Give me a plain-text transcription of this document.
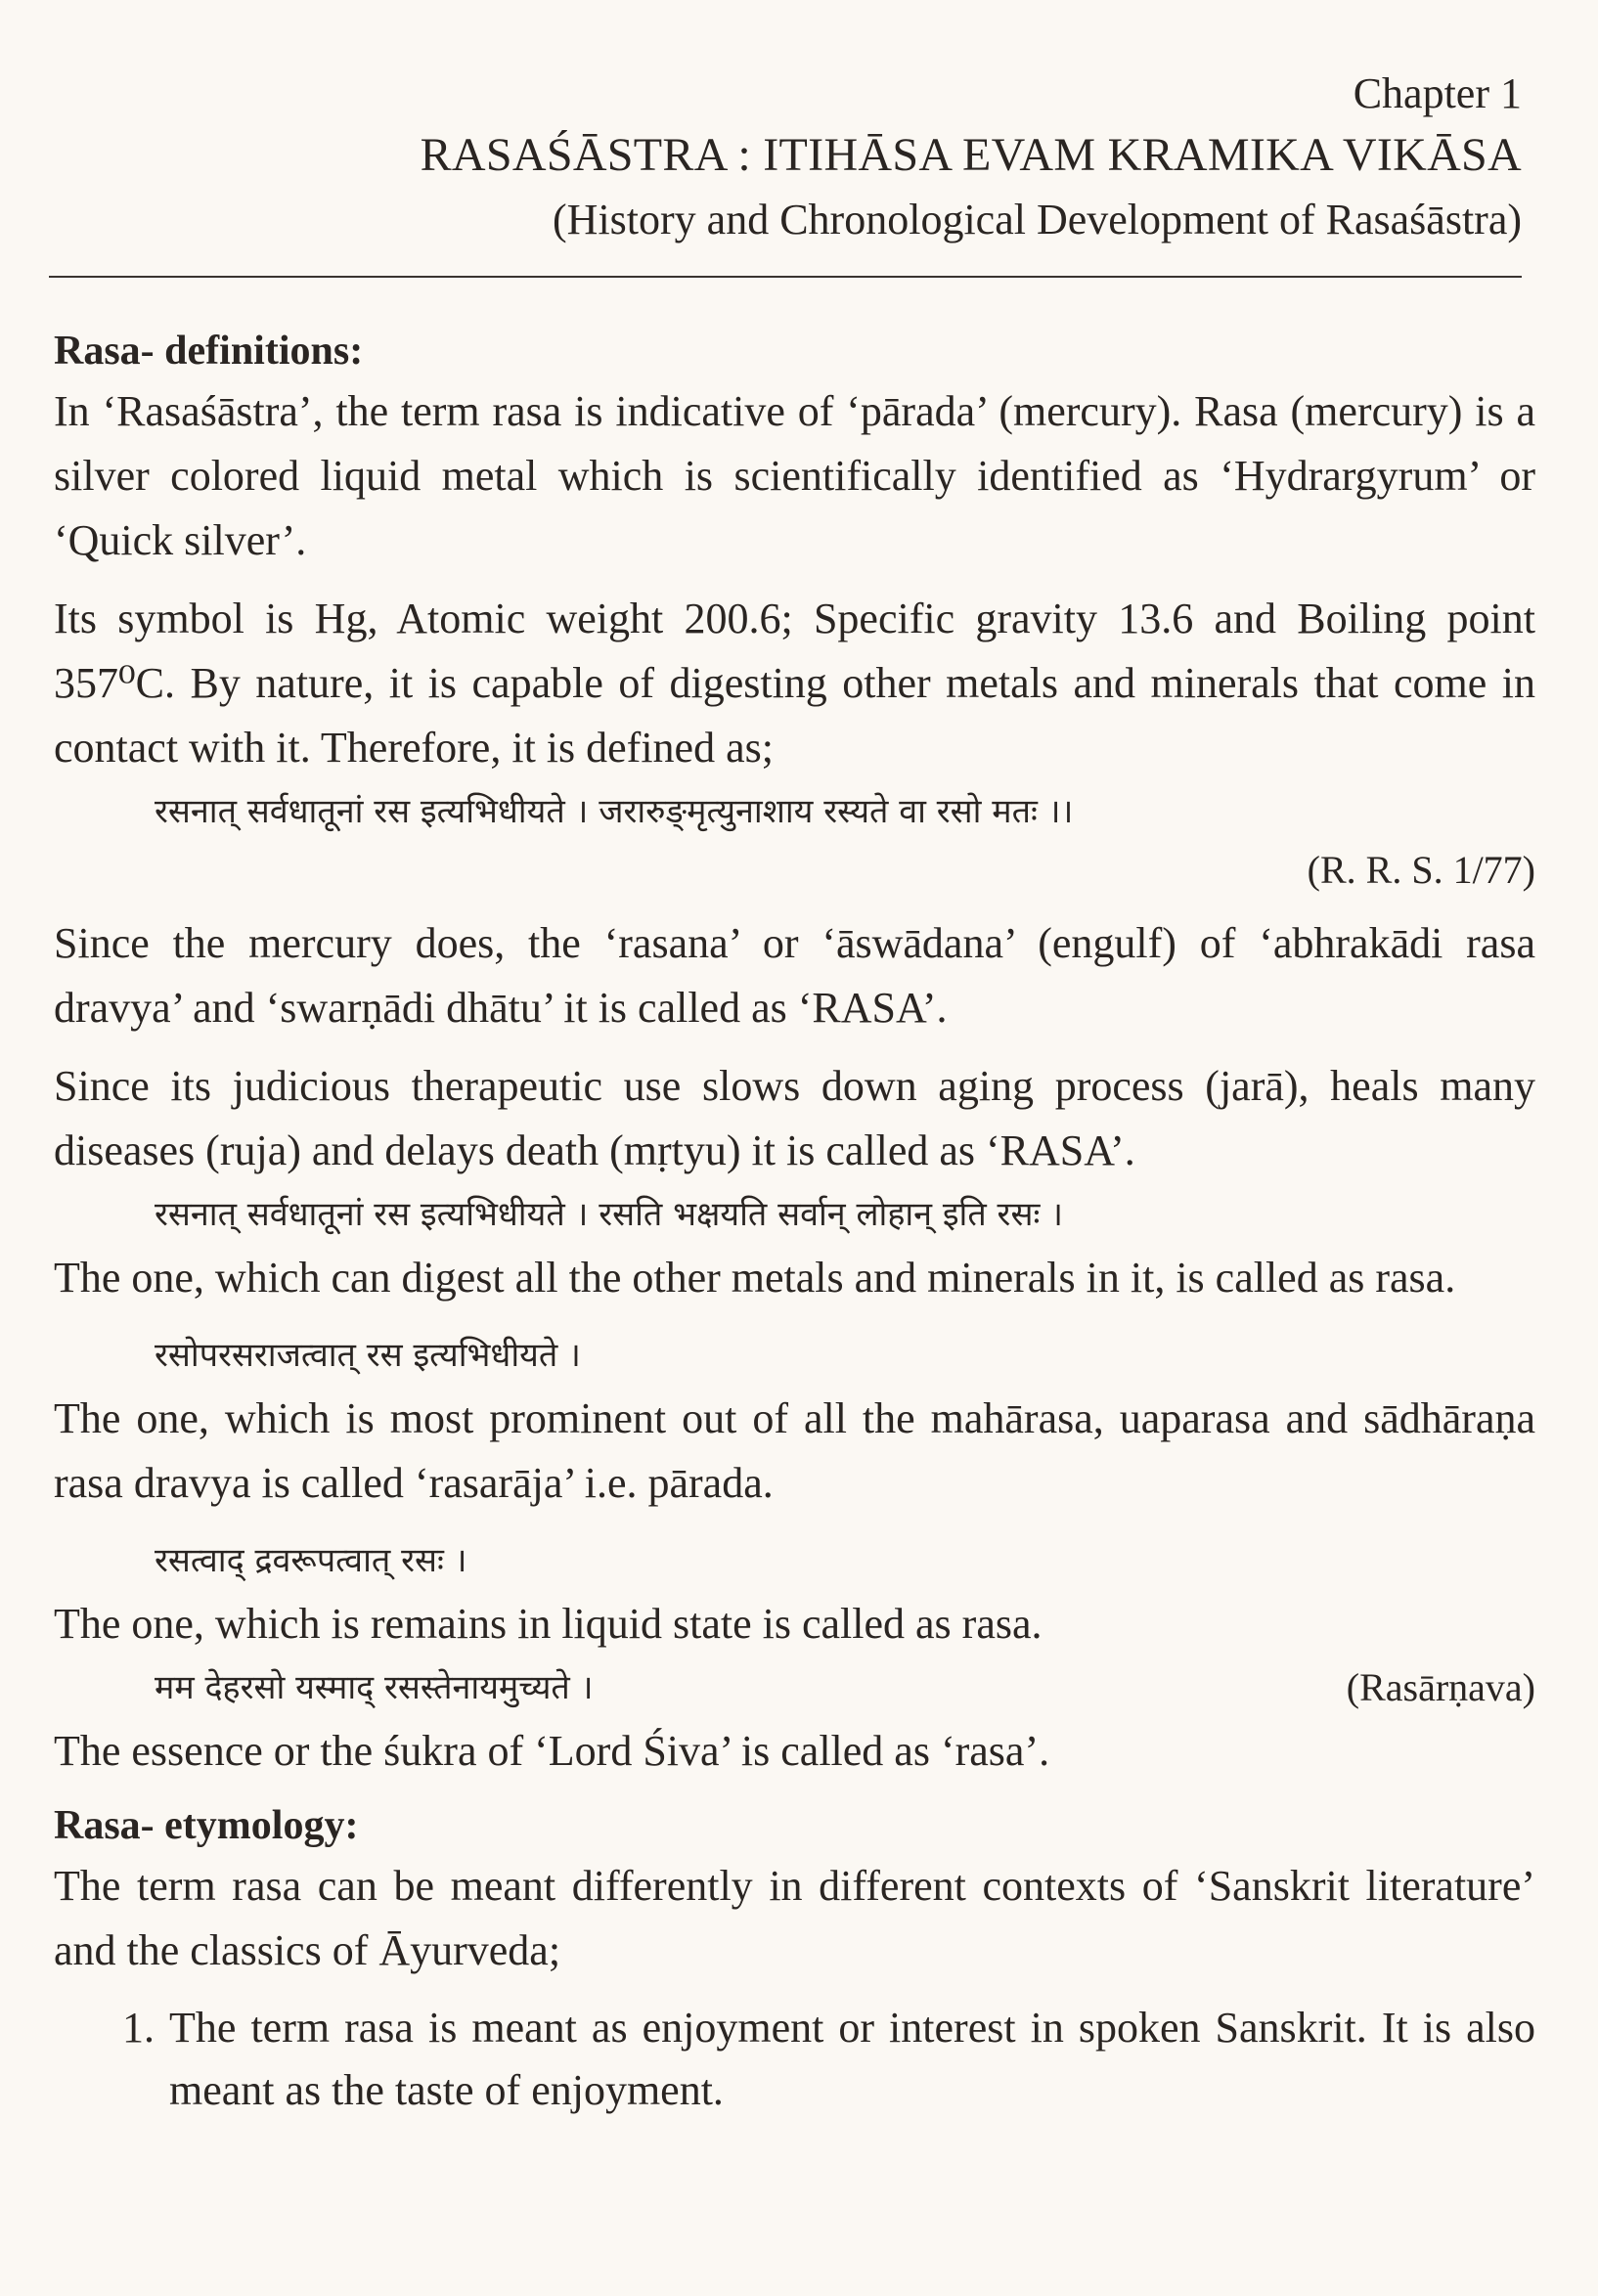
Chapter 1
RASAŚĀSTRA : ITIHĀSA EVAM KRAMIKA VIKĀSA
(History and Chronological Development of Rasaśāstra)
Rasa- definitions:

In ‘Rasaśāstra’, the term rasa is indicative of ‘pārada’ (mercury). Rasa (mercury) is a silver colored liquid metal which is scientifically identified as ‘Hydrargyrum’ or ‘Quick silver’.

Its symbol is Hg, Atomic weight 200.6; Specific gravity 13.6 and Boiling point 357⁰C. By nature, it is capable of digesting other metals and minerals that come in contact with it. Therefore, it is defined as;

रसनात् सर्वधातूनां रस इत्यभिधीयते । जरारुङ्मृत्युनाशाय रस्यते वा रसो मतः ।।
(R. R. S. 1/77)

Since the mercury does, the ‘rasana’ or ‘āswādana’ (engulf) of ‘abhrakādi rasa dravya’ and ‘swarṇādi dhātu’ it is called as ‘RASA’.

Since its judicious therapeutic use slows down aging process (jarā), heals many diseases (ruja) and delays death (mṛtyu) it is called as ‘RASA’.

रसनात् सर्वधातूनां रस इत्यभिधीयते । रसति भक्षयति सर्वान् लोहान् इति रसः ।

The one, which can digest all the other metals and minerals in it, is called as rasa.

रसोपरसराजत्वात् रस इत्यभिधीयते ।

The one, which is most prominent out of all the mahārasa, uaparasa and sādhāraṇa rasa dravya is called ‘rasarāja’ i.e. pārada.

रसत्वाद् द्रवरूपत्वात् रसः ।

The one, which is remains in liquid state is called as rasa.

मम देहरसो यस्माद् रसस्तेनायमुच्यते ।	(Rasārṇava)

The essence or the śukra of ‘Lord Śiva’ is called as ‘rasa’.

Rasa- etymology:

The term rasa can be meant differently in different contexts of ‘Sanskrit literature’ and the classics of Āyurveda;

1. The term rasa is meant as enjoyment or interest in spoken Sanskrit. It is also meant as the taste of enjoyment.
